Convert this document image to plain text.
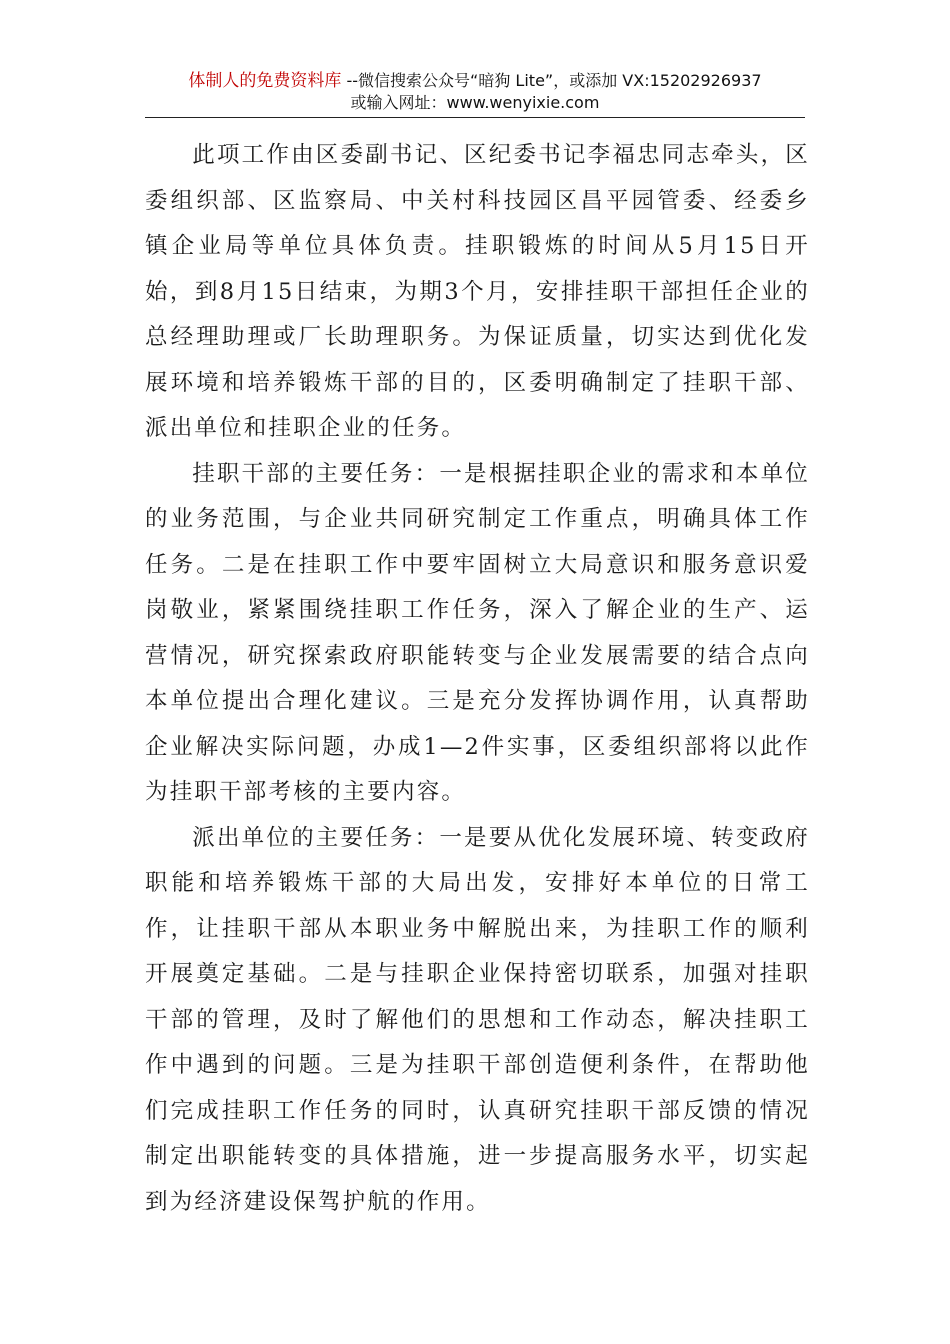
体制人的免费资料库 --微信搜索公众号“暗狗 Lite”，或添加 VX:15202926937
或输入网址：www.wenyixie.com

此项工作由区委副书记、区纪委书记李福忠同志牵头，区委组织部、区监察局、中关村科技园区昌平园管委、经委乡镇企业局等单位具体负责。挂职锻炼的时间从5月15日开始，到8月15日结束，为期3个月，安排挂职干部担任企业的总经理助理或厂长助理职务。为保证质量，切实达到优化发展环境和培养锻炼干部的目的，区委明确制定了挂职干部、派出单位和挂职企业的任务。

挂职干部的主要任务：一是根据挂职企业的需求和本单位的业务范围，与企业共同研究制定工作重点，明确具体工作任务。二是在挂职工作中要牢固树立大局意识和服务意识爱岗敬业，紧紧围绕挂职工作任务，深入了解企业的生产、运营情况，研究探索政府职能转变与企业发展需要的结合点向本单位提出合理化建议。三是充分发挥协调作用，认真帮助企业解决实际问题，办成1—2件实事，区委组织部将以此作为挂职干部考核的主要内容。

派出单位的主要任务：一是要从优化发展环境、转变政府职能和培养锻炼干部的大局出发，安排好本单位的日常工作，让挂职干部从本职业务中解脱出来，为挂职工作的顺利开展奠定基础。二是与挂职企业保持密切联系，加强对挂职干部的管理，及时了解他们的思想和工作动态，解决挂职工作中遇到的问题。三是为挂职干部创造便利条件，在帮助他们完成挂职工作任务的同时，认真研究挂职干部反馈的情况制定出职能转变的具体措施，进一步提高服务水平，切实起到为经济建设保驾护航的作用。
